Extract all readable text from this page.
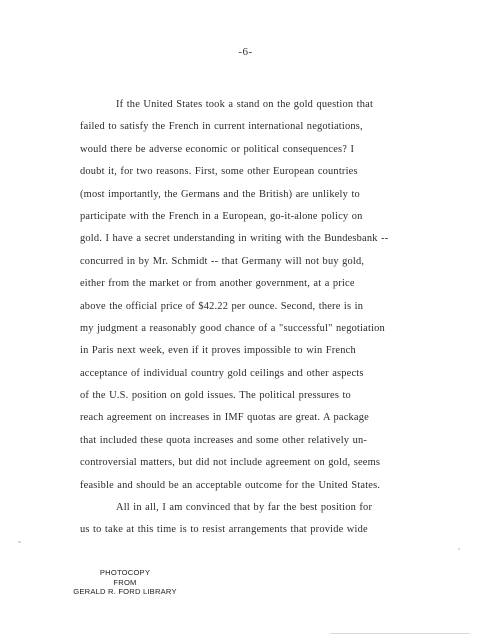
-6-
If the United States took a stand on the gold question that
failed to satisfy the French in current international negotiations,
would there be adverse economic or political consequences? I
doubt it, for two reasons. First, some other European countries
(most importantly, the Germans and the British) are unlikely to
participate with the French in a European, go-it-alone policy on
gold. I have a secret understanding in writing with the Bundesbank --
concurred in by Mr. Schmidt -- that Germany will not buy gold,
either from the market or from another government, at a price
above the official price of $42.22 per ounce. Second, there is in
my judgment a reasonably good chance of a "successful" negotiation
in Paris next week, even if it proves impossible to win French
acceptance of individual country gold ceilings and other aspects
of the U.S. position on gold issues. The political pressures to
reach agreement on increases in IMF quotas are great. A package
that included these quota increases and some other relatively un-
controversial matters, but did not include agreement on gold, seems
feasible and should be an acceptable outcome for the United States.
All in all, I am convinced that by far the best position for
us to take at this time is to resist arrangements that provide wide
PHOTOCOPY
FROM
GERALD R. FORD LIBRARY
